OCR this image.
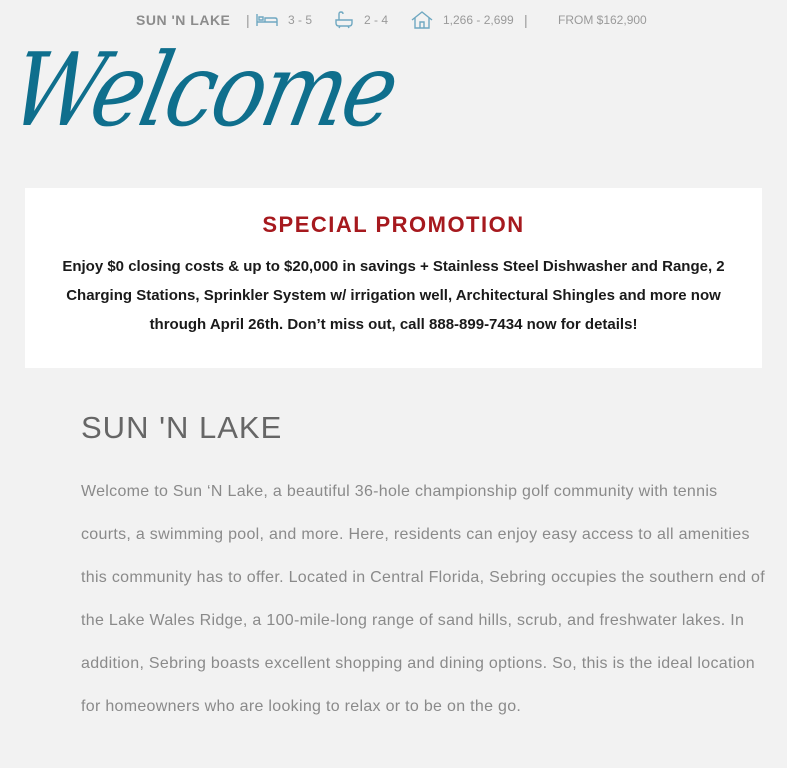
SUN 'N LAKE |	3 - 5	2 - 4	1,266 - 2,699 |	FROM $162,900
Welcome
SPECIAL PROMOTION
Enjoy $0 closing costs & up to $20,000 in savings + Stainless Steel Dishwasher and Range, 2 Charging Stations, Sprinkler System w/ irrigation well, Architectural Shingles and more now through April 26th. Don’t miss out, call 888-899-7434 now for details!
SUN 'N LAKE
Welcome to Sun ‘N Lake, a beautiful 36-hole championship golf community with tennis courts, a swimming pool, and more. Here, residents can enjoy easy access to all amenities this community has to offer. Located in Central Florida, Sebring occupies the southern end of the Lake Wales Ridge, a 100-mile-long range of sand hills, scrub, and freshwater lakes. In addition, Sebring boasts excellent shopping and dining options. So, this is the ideal location for homeowners who are looking to relax or to be on the go.
